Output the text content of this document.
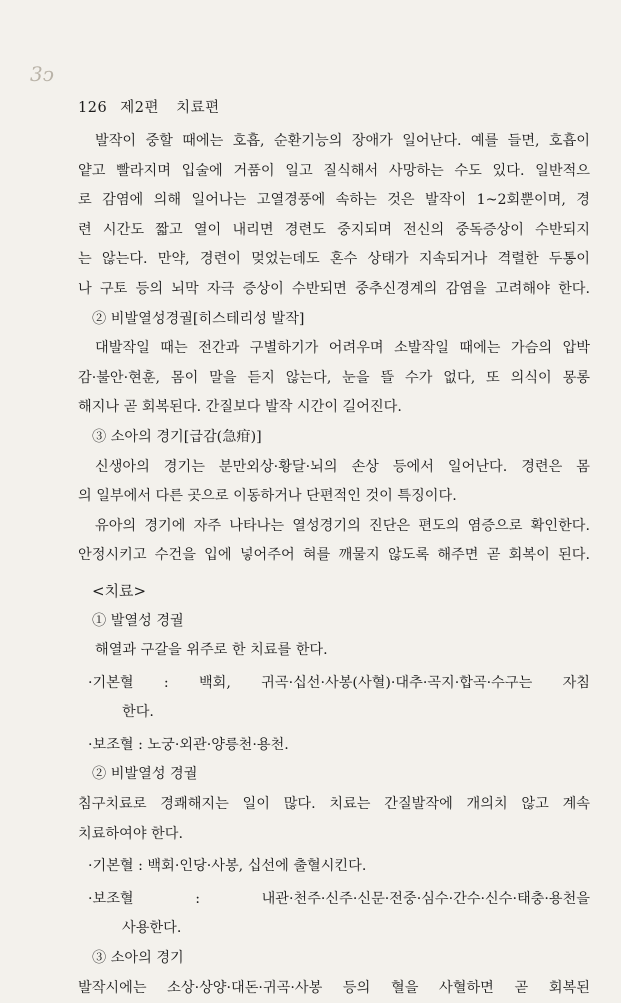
3ↄ
126 제2편 치료편

발작이 중할 때에는 호흡, 순환기능의 장애가 일어난다. 예를 들면, 호흡이

얕고 빨라지며 입술에 거품이 일고 질식해서 사망하는 수도 있다. 일반적으

로 감염에 의해 일어나는 고열경풍에 속하는 것은 발작이 1~2회뿐이며, 경

련 시간도 짧고 열이 내리면 경련도 중지되며 전신의 중독증상이 수반되지

는 않는다. 만약, 경련이 멎었는데도 혼수 상태가 지속되거나 격렬한 두통이

나 구토 등의 뇌막 자극 증상이 수반되면 중추신경계의 감염을 고려해야 한다.

② 비발열성경궐[히스테리성 발작]

대발작일 때는 전간과 구별하기가 어려우며 소발작일 때에는 가슴의 압박

감·불안·현훈, 몸이 말을 듣지 않는다, 눈을 뜰 수가 없다, 또 의식이 몽롱

해지나 곧 회복된다. 간질보다 발작 시간이 길어진다.

③ 소아의 경기[급감(急疳)]

신생아의 경기는 분만외상·황달·뇌의 손상 등에서 일어난다. 경련은 몸

의 일부에서 다른 곳으로 이동하거나 단편적인 것이 특징이다.

유아의 경기에 자주 나타나는 열성경기의 진단은 편도의 염증으로 확인한다.

안정시키고 수건을 입에 넣어주어 혀를 깨물지 않도록 해주면 곧 회복이 된다.

<치료>

① 발열성 경궐

해열과 구갈을 위주로 한 치료를 한다.

·기본혈 : 백회, 귀곡·십선·사봉(사혈)·대추·곡지·합곡·수구는 자침

한다.

·보조혈 : 노궁·외관·양릉천·용천.

② 비발열성 경궐

침구치료로 경쾌해지는 일이 많다. 치료는 간질발작에 개의치 않고 계속

치료하여야 한다.

·기본혈 : 백회·인당·사봉, 십선에 출혈시킨다.

·보조혈 : 내관·천주·신주·신문·전중·심수·간수·신수·태충·용천을

사용한다.

③ 소아의 경기

발작시에는 소상·상양·대돈·귀곡·사봉 등의 혈을 사혈하면 곧 회복된
